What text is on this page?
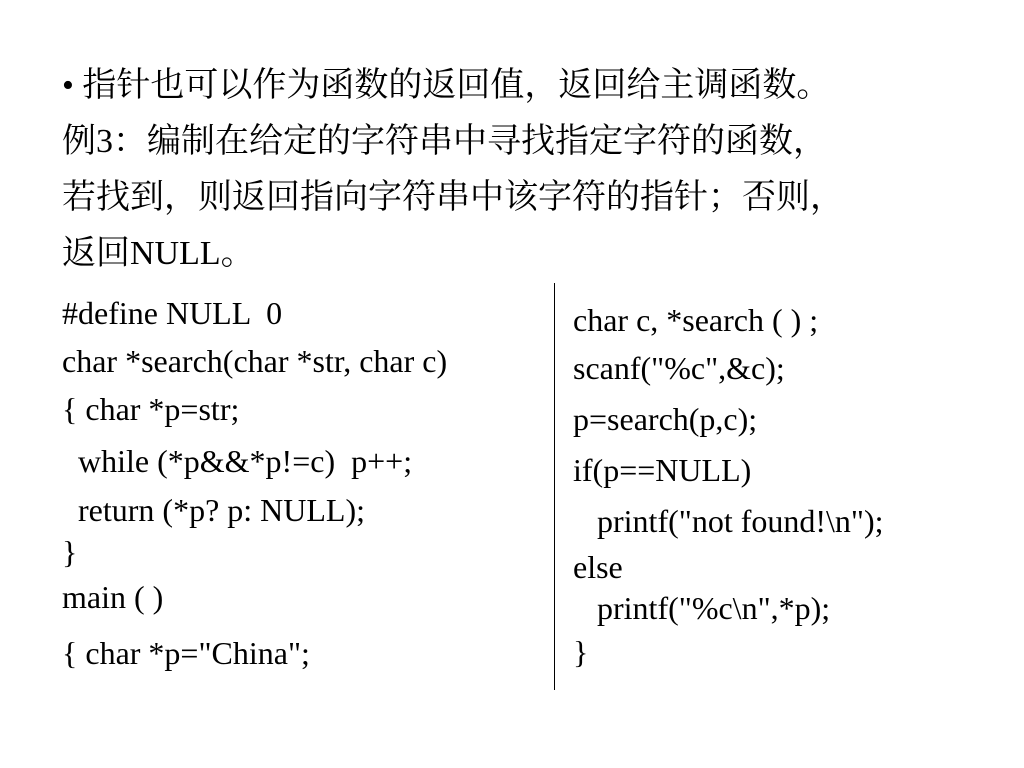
• 指针也可以作为函数的返回值，返回给主调函数。
例3：编制在给定的字符串中寻找指定字符的函数，
若找到，则返回指向字符串中该字符的指针；否则，
返回NULL。
#define NULL  0
char *search(char *str, char c)
{ char *p=str;
while (*p&&*p!=c)  p++;
return (*p? p: NULL);
}
main ( )
{ char *p="China";
char c, *search ( ) ;
scanf("%c",&c);
p=search(p,c);
if(p==NULL)
printf("not found!\n");
else
printf("%c\n",*p);
}
